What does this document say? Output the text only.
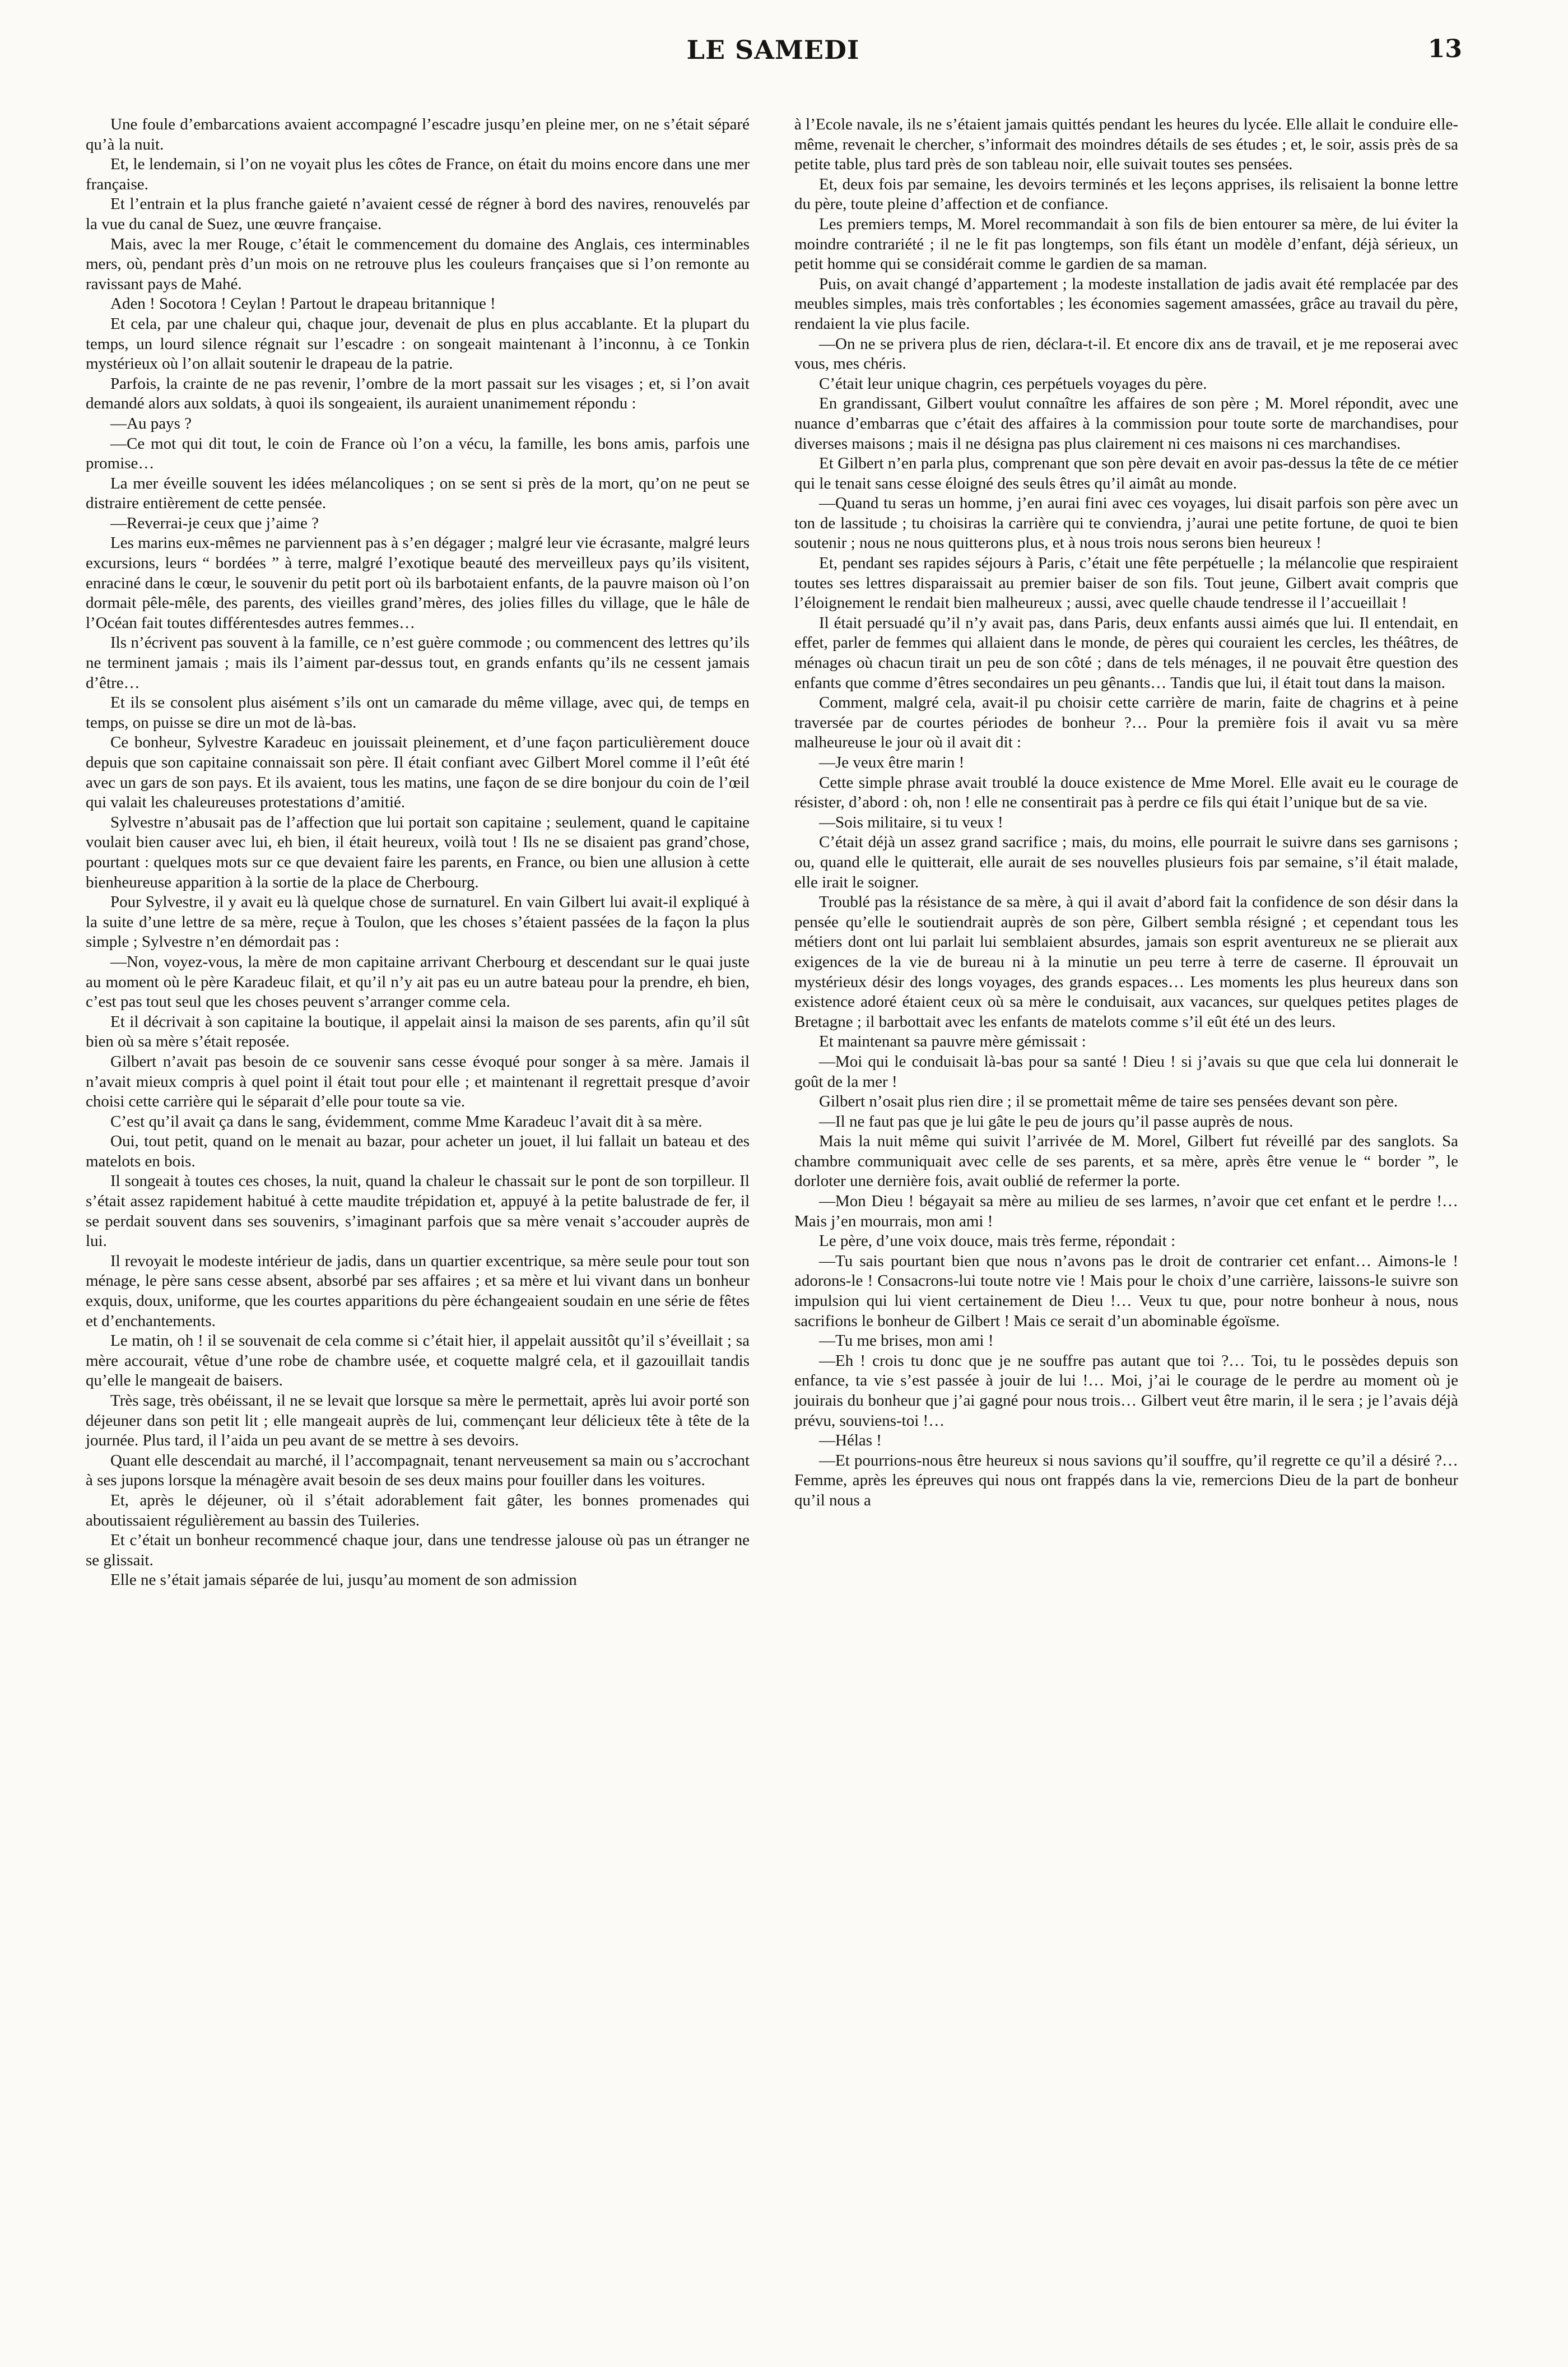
LE SAMEDI	13

Une foule d’embarcations avaient accompagné l’escadre jusqu’en pleine mer, on ne s’était séparé qu’à la nuit.

Et, le lendemain, si l’on ne voyait plus les côtes de France, on était du moins encore dans une mer française.

Et l’entrain et la plus franche gaieté n’avaient cessé de régner à bord des navires, renouvelés par la vue du canal de Suez, une œuvre française.

Mais, avec la mer Rouge, c’était le commencement du domaine des Anglais, ces interminables mers, où, pendant près d’un mois on ne retrouve plus les couleurs françaises que si l’on remonte au ravissant pays de Mahé.

Aden ! Socotora ! Ceylan ! Partout le drapeau britannique !

Et cela, par une chaleur qui, chaque jour, devenait de plus en plus accablante. Et la plupart du temps, un lourd silence régnait sur l’escadre : on songeait maintenant à l’inconnu, à ce Tonkin mystérieux où l’on allait soutenir le drapeau de la patrie.

Parfois, la crainte de ne pas revenir, l’ombre de la mort passait sur les visages ; et, si l’on avait demandé alors aux soldats, à quoi ils songeaient, ils auraient unanimement répondu :

—Au pays ?

—Ce mot qui dit tout, le coin de France où l’on a vécu, la famille, les bons amis, parfois une promise…

La mer éveille souvent les idées mélancoliques ; on se sent si près de la mort, qu’on ne peut se distraire entièrement de cette pensée.

—Reverrai-je ceux que j’aime ?

Les marins eux-mêmes ne parviennent pas à s’en dégager ; malgré leur vie écrasante, malgré leurs excursions, leurs “ bordées ” à terre, malgré l’exotique beauté des merveilleux pays qu’ils visitent, enraciné dans le cœur, le souvenir du petit port où ils barbotaient enfants, de la pauvre maison où l’on dormait pêle-mêle, des parents, des vieilles grand’mères, des jolies filles du village, que le hâle de l’Océan fait toutes différentesdes autres femmes…

Ils n’écrivent pas souvent à la famille, ce n’est guère commode ; ou commencent des lettres qu’ils ne terminent jamais ; mais ils l’aiment par-dessus tout, en grands enfants qu’ils ne cessent jamais d’être…

Et ils se consolent plus aisément s’ils ont un camarade du même village, avec qui, de temps en temps, on puisse se dire un mot de là-bas.

Ce bonheur, Sylvestre Karadeuc en jouissait pleinement, et d’une façon particulièrement douce depuis que son capitaine connaissait son père. Il était confiant avec Gilbert Morel comme il l’eût été avec un gars de son pays. Et ils avaient, tous les matins, une façon de se dire bonjour du coin de l’œil qui valait les chaleureuses protestations d’amitié.

Sylvestre n’abusait pas de l’affection que lui portait son capitaine ; seulement, quand le capitaine voulait bien causer avec lui, eh bien, il était heureux, voilà tout ! Ils ne se disaient pas grand’chose, pourtant : quelques mots sur ce que devaient faire les parents, en France, ou bien une allusion à cette bienheureuse apparition à la sortie de la place de Cherbourg.

Pour Sylvestre, il y avait eu là quelque chose de surnaturel. En vain Gilbert lui avait-il expliqué à la suite d’une lettre de sa mère, reçue à Toulon, que les choses s’étaient passées de la façon la plus simple ; Sylvestre n’en démordait pas :

—Non, voyez-vous, la mère de mon capitaine arrivant Cherbourg et descendant sur le quai juste au moment où le père Karadeuc filait, et qu’il n’y ait pas eu un autre bateau pour la prendre, eh bien, c’est pas tout seul que les choses peuvent s’arranger comme cela.

Et il décrivait à son capitaine la boutique, il appelait ainsi la maison de ses parents, afin qu’il sût bien où sa mère s’était reposée.

Gilbert n’avait pas besoin de ce souvenir sans cesse évoqué pour songer à sa mère. Jamais il n’avait mieux compris à quel point il était tout pour elle ; et maintenant il regrettait presque d’avoir choisi cette carrière qui le séparait d’elle pour toute sa vie.

C’est qu’il avait ça dans le sang, évidemment, comme Mme Karadeuc l’avait dit à sa mère.

Oui, tout petit, quand on le menait au bazar, pour acheter un jouet, il lui fallait un bateau et des matelots en bois.

Il songeait à toutes ces choses, la nuit, quand la chaleur le chassait sur le pont de son torpilleur. Il s’était assez rapidement habitué à cette maudite trépidation et, appuyé à la petite balustrade de fer, il se perdait souvent dans ses souvenirs, s’imaginant parfois que sa mère venait s’accouder auprès de lui.

Il revoyait le modeste intérieur de jadis, dans un quartier excentrique, sa mère seule pour tout son ménage, le père sans cesse absent, absorbé par ses affaires ; et sa mère et lui vivant dans un bonheur exquis, doux, uniforme, que les courtes apparitions du père échangeaient soudain en une série de fêtes et d’enchantements.

Le matin, oh ! il se souvenait de cela comme si c’était hier, il appelait aussitôt qu’il s’éveillait ; sa mère accourait, vêtue d’une robe de chambre usée, et coquette malgré cela, et il gazouillait tandis qu’elle le mangeait de baisers.

Très sage, très obéissant, il ne se levait que lorsque sa mère le permettait, après lui avoir porté son déjeuner dans son petit lit ; elle mangeait auprès de lui, commençant leur délicieux tête à tête de la journée. Plus tard, il l’aida un peu avant de se mettre à ses devoirs.

Quant elle descendait au marché, il l’accompagnait, tenant nerveusement sa main ou s’accrochant à ses jupons lorsque la ménagère avait besoin de ses deux mains pour fouiller dans les voitures.

Et, après le déjeuner, où il s’était adorablement fait gâter, les bonnes promenades qui aboutissaient régulièrement au bassin des Tuileries.

Et c’était un bonheur recommencé chaque jour, dans une tendresse jalouse où pas un étranger ne se glissait.

Elle ne s’était jamais séparée de lui, jusqu’au moment de son admission

à l’Ecole navale, ils ne s’étaient jamais quittés pendant les heures du lycée. Elle allait le conduire elle-même, revenait le chercher, s’informait des moindres détails de ses études ; et, le soir, assis près de sa petite table, plus tard près de son tableau noir, elle suivait toutes ses pensées.

Et, deux fois par semaine, les devoirs terminés et les leçons apprises, ils relisaient la bonne lettre du père, toute pleine d’affection et de confiance.

Les premiers temps, M. Morel recommandait à son fils de bien entourer sa mère, de lui éviter la moindre contrariété ; il ne le fit pas longtemps, son fils étant un modèle d’enfant, déjà sérieux, un petit homme qui se considérait comme le gardien de sa maman.

Puis, on avait changé d’appartement ; la modeste installation de jadis avait été remplacée par des meubles simples, mais très confortables ; les économies sagement amassées, grâce au travail du père, rendaient la vie plus facile.

—On ne se privera plus de rien, déclara-t-il. Et encore dix ans de travail, et je me reposerai avec vous, mes chéris.

C’était leur unique chagrin, ces perpétuels voyages du père.

En grandissant, Gilbert voulut connaître les affaires de son père ; M. Morel répondit, avec une nuance d’embarras que c’était des affaires à la commission pour toute sorte de marchandises, pour diverses maisons ; mais il ne désigna pas plus clairement ni ces maisons ni ces marchandises.

Et Gilbert n’en parla plus, comprenant que son père devait en avoir pas-dessus la tête de ce métier qui le tenait sans cesse éloigné des seuls êtres qu’il aimât au monde.

—Quand tu seras un homme, j’en aurai fini avec ces voyages, lui disait parfois son père avec un ton de lassitude ; tu choisiras la carrière qui te conviendra, j’aurai une petite fortune, de quoi te bien soutenir ; nous ne nous quitterons plus, et à nous trois nous serons bien heureux !

Et, pendant ses rapides séjours à Paris, c’était une fête perpétuelle ; la mélancolie que respiraient toutes ses lettres disparaissait au premier baiser de son fils. Tout jeune, Gilbert avait compris que l’éloignement le rendait bien malheureux ; aussi, avec quelle chaude tendresse il l’accueillait !

Il était persuadé qu’il n’y avait pas, dans Paris, deux enfants aussi aimés que lui. Il entendait, en effet, parler de femmes qui allaient dans le monde, de pères qui couraient les cercles, les théâtres, de ménages où chacun tirait un peu de son côté ; dans de tels ménages, il ne pouvait être question des enfants que comme d’êtres secondaires un peu gênants… Tandis que lui, il était tout dans la maison.

Comment, malgré cela, avait-il pu choisir cette carrière de marin, faite de chagrins et à peine traversée par de courtes périodes de bonheur ?… Pour la première fois il avait vu sa mère malheureuse le jour où il avait dit :

—Je veux être marin !

Cette simple phrase avait troublé la douce existence de Mme Morel. Elle avait eu le courage de résister, d’abord : oh, non ! elle ne consentirait pas à perdre ce fils qui était l’unique but de sa vie.

—Sois militaire, si tu veux !

C’était déjà un assez grand sacrifice ; mais, du moins, elle pourrait le suivre dans ses garnisons ; ou, quand elle le quitterait, elle aurait de ses nouvelles plusieurs fois par semaine, s’il était malade, elle irait le soigner.

Troublé pas la résistance de sa mère, à qui il avait d’abord fait la confidence de son désir dans la pensée qu’elle le soutiendrait auprès de son père, Gilbert sembla résigné ; et cependant tous les métiers dont ont lui parlait lui semblaient absurdes, jamais son esprit aventureux ne se plierait aux exigences de la vie de bureau ni à la minutie un peu terre à terre de caserne. Il éprouvait un mystérieux désir des longs voyages, des grands espaces… Les moments les plus heureux dans son existence adoré étaient ceux où sa mère le conduisait, aux vacances, sur quelques petites plages de Bretagne ; il barbottait avec les enfants de matelots comme s’il eût été un des leurs.

Et maintenant sa pauvre mère gémissait :

—Moi qui le conduisait là-bas pour sa santé ! Dieu ! si j’avais su que que cela lui donnerait le goût de la mer !

Gilbert n’osait plus rien dire ; il se promettait même de taire ses pensées devant son père.

—Il ne faut pas que je lui gâte le peu de jours qu’il passe auprès de nous.

Mais la nuit même qui suivit l’arrivée de M. Morel, Gilbert fut réveillé par des sanglots. Sa chambre communiquait avec celle de ses parents, et sa mère, après être venue le “ border ”, le dorloter une dernière fois, avait oublié de refermer la porte.

—Mon Dieu ! bégayait sa mère au milieu de ses larmes, n’avoir que cet enfant et le perdre !… Mais j’en mourrais, mon ami !

Le père, d’une voix douce, mais très ferme, répondait :

—Tu sais pourtant bien que nous n’avons pas le droit de contrarier cet enfant… Aimons-le ! adorons-le ! Consacrons-lui toute notre vie ! Mais pour le choix d’une carrière, laissons-le suivre son impulsion qui lui vient certainement de Dieu !… Veux tu que, pour notre bonheur à nous, nous sacrifions le bonheur de Gilbert ! Mais ce serait d’un abominable égoïsme.

—Tu me brises, mon ami !

—Eh ! crois tu donc que je ne souffre pas autant que toi ?… Toi, tu le possèdes depuis son enfance, ta vie s’est passée à jouir de lui !… Moi, j’ai le courage de le perdre au moment où je jouirais du bonheur que j’ai gagné pour nous trois… Gilbert veut être marin, il le sera ; je l’avais déjà prévu, souviens-toi !…

—Hélas !

—Et pourrions-nous être heureux si nous savions qu’il souffre, qu’il regrette ce qu’il a désiré ?… Femme, après les épreuves qui nous ont frappés dans la vie, remercions Dieu de la part de bonheur qu’il nous a
